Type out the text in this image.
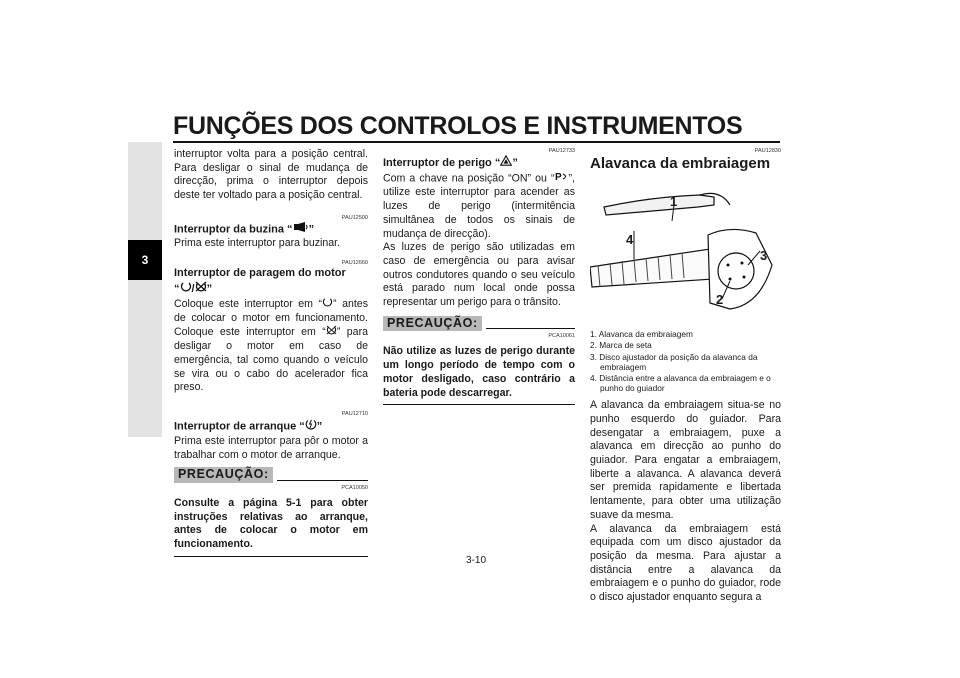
FUNÇÕES DOS CONTROLOS E INSTRUMENTOS
3

interruptor volta para a posição central. Para desligar o sinal de mudança de direcção, prima o interruptor depois deste ter voltado para a posição central.

PAU12500
Interruptor da buzina “ ”

Prima este interruptor para buzinar.

PAU12660
Interruptor de paragem do motor
“ / ”

Coloque este interruptor em “ ” antes de colocar o motor em funcionamento. Coloque este interruptor em “ ” para desligar o motor em caso de emergência, tal como quando o veículo se vira ou o cabo do acelerador fica preso.

PAU12710
Interruptor de arranque “ ”

Prima este interruptor para pôr o motor a trabalhar com o motor de arranque.

PRECAUÇÃO:
PCA10050
Consulte a página 5-1 para obter instruções relativas ao arranque, antes de colocar o motor em funcionamento.
PAU12733
Interruptor de perigo “ ”

Com a chave na posição “ON” ou “ P ”, utilize este interruptor para acender as luzes de perigo (intermitência simultânea de todos os sinais de mudança de direcção).

As luzes de perigo são utilizadas em caso de emergência ou para avisar outros condutores quando o seu veículo está parado num local onde possa representar um perigo para o trânsito.

PRECAUÇÃO:
PCA10061
Não utilize as luzes de perigo durante um longo período de tempo com o motor desligado, caso contrário a bateria pode descarregar.
PAU12830
Alavanca da embraiagem
1
4
3
2
1. Alavanca da embraiagem
2. Marca de seta
3. Disco ajustador da posição da alavanca da embraiagem
4. Distância entre a alavanca da embraiagem e o punho do guiador

A alavanca da embraiagem situa-se no punho esquerdo do guiador. Para desengatar a embraiagem, puxe a alavanca em direcção ao punho do guiador. Para engatar a embraiagem, liberte a alavanca. A alavanca deverá ser premida rapidamente e libertada lentamente, para obter uma utilização suave da mesma.

A alavanca da embraiagem está equipada com um disco ajustador da posição da mesma. Para ajustar a distância entre a alavanca da embraiagem e o punho do guiador, rode o disco ajustador enquanto segura a

3-10
